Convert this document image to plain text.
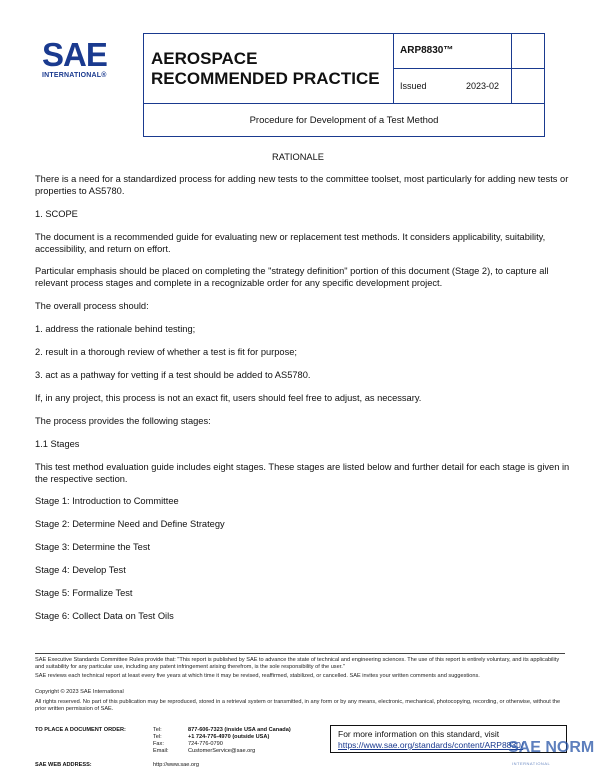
SAE
INTERNATIONAL®
AEROSPACE
RECOMMENDED PRACTICE
ARP8830™
Issued	2023-02
Procedure for Development of a Test Method
RATIONALE
There is a need for a standardized process for adding new tests to the committee toolset, most particularly for adding new tests or properties to AS5780.
1. SCOPE
The document is a recommended guide for evaluating new or replacement test methods. It considers applicability, suitability, accessibility, and return on effort.
Particular emphasis should be placed on completing the "strategy definition" portion of this document (Stage 2), to capture all relevant process stages and complete in a recognizable order for any specific development project.
The overall process should:
1. address the rationale behind testing;
2. result in a thorough review of whether a test is fit for purpose;
3. act as a pathway for vetting if a test should be added to AS5780.
If, in any project, this process is not an exact fit, users should feel free to adjust, as necessary.
The process provides the following stages:
1.1 Stages
This test method evaluation guide includes eight stages. These stages are listed below and further detail for each stage is given in the respective section.
Stage 1: Introduction to Committee
Stage 2: Determine Need and Define Strategy
Stage 3: Determine the Test
Stage 4: Develop Test
Stage 5: Formalize Test
Stage 6: Collect Data on Test Oils
SAE Executive Standards Committee Rules provide that: "This report is published by SAE to advance the state of technical and engineering sciences. The use of this report is entirely voluntary, and its applicability and suitability for any particular use, including any patent infringement arising therefrom, is the sole responsibility of the user."
SAE reviews each technical report at least every five years at which time it may be revised, reaffirmed, stabilized, or cancelled. SAE invites your written comments and suggestions.
Copyright © 2023 SAE International
All rights reserved. No part of this publication may be reproduced, stored in a retrieval system or transmitted, in any form or by any means, electronic, mechanical, photocopying, recording, or otherwise, without the prior written permission of SAE.
TO PLACE A DOCUMENT ORDER:	Tel:	877-606-7323 (inside USA and Canada)
Tel:	+1 724-776-4970 (outside USA)
Fax:	724-776-0790
Email:	CustomerService@sae.org
SAE WEB ADDRESS:	http://www.sae.org
For more information on this standard, visit
https://www.sae.org/standards/content/ARP8830/
SAE NORM
INTERNATIONAL
